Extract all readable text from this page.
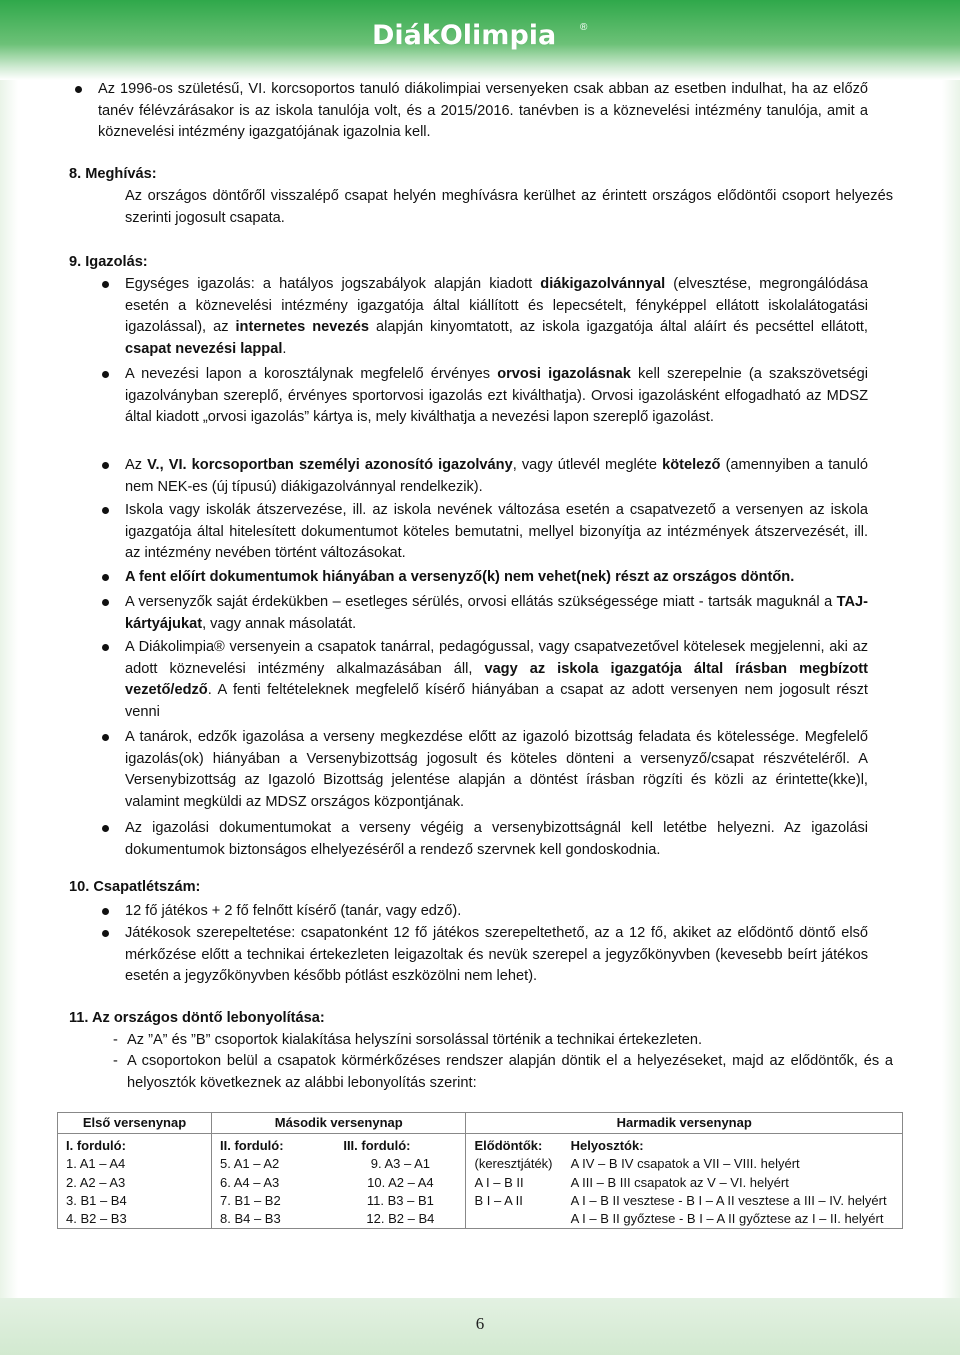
DiákOlimpia ®
Az 1996-os születésű, VI. korcsoportos tanuló diákolimpiai versenyeken csak abban az esetben indulhat, ha az előző tanév félévzárásakor is az iskola tanulója volt, és a 2015/2016. tanévben is a köznevelési intézmény tanulója, amit a köznevelési intézmény igazgatójának igazolnia kell.
8. Meghívás:
Az országos döntőről visszalépő csapat helyén meghívásra kerülhet az érintett országos elődöntői csoport helyezés szerinti jogosult csapata.
9. Igazolás:
Egységes igazolás: a hatályos jogszabályok alapján kiadott diákigazolvánnyal (elvesztése, megrongálódása esetén a köznevelési intézmény igazgatója által kiállított és lepecsételt, fényképpel ellátott iskolalátogatási igazolással), az internetes nevezés alapján kinyomtatott, az iskola igazgatója által aláírt és pecséttel ellátott, csapat nevezési lappal.
A nevezési lapon a korosztálynak megfelelő érvényes orvosi igazolásnak kell szerepelnie (a szakszövetségi igazolványban szereplő, érvényes sportorvosi igazolás ezt kiválthatja). Orvosi igazolásként elfogadható az MDSZ által kiadott „orvosi igazolás” kártya is, mely kiválthatja a nevezési lapon szereplő igazolást.
Az V., VI. korcsoportban személyi azonosító igazolvány, vagy útlevél megléte kötelező (amennyiben a tanuló nem NEK-es (új típusú) diákigazolvánnyal rendelkezik).
Iskola vagy iskolák átszervezése, ill. az iskola nevének változása esetén a csapatvezető a versenyen az iskola igazgatója által hitelesített dokumentumot köteles bemutatni, mellyel bizonyítja az intézmények átszervezését, ill. az intézmény nevében történt változásokat.
A fent előírt dokumentumok hiányában a versenyző(k) nem vehet(nek) részt az országos döntőn.
A versenyzők saját érdekükben – esetleges sérülés, orvosi ellátás szükségessége miatt - tartsák maguknál a TAJ-kártyájukat, vagy annak másolatát.
A Diákolimpia® versenyein a csapatok tanárral, pedagógussal, vagy csapatvezetővel kötelesek megjelenni, aki az adott köznevelési intézmény alkalmazásában áll, vagy az iskola igazgatója által írásban megbízott vezető/edző. A fenti feltételeknek megfelelő kísérő hiányában a csapat az adott versenyen nem jogosult részt venni
A tanárok, edzők igazolása a verseny megkezdése előtt az igazoló bizottság feladata és kötelessége. Megfelelő igazolás(ok) hiányában a Versenybizottság jogosult és köteles dönteni a versenyző/csapat részvételéről. A Versenybizottság az Igazoló Bizottság jelentése alapján a döntést írásban rögzíti és közli az érintette(kke)l, valamint megküldi az MDSZ országos központjának.
Az igazolási dokumentumokat a verseny végéig a versenybizottságnál kell letétbe helyezni. Az igazolási dokumentumok biztonságos elhelyezéséről a rendező szervnek kell gondoskodnia.
10. Csapatlétszám:
12 fő játékos + 2 fő felnőtt kísérő (tanár, vagy edző).
Játékosok szerepeltetése: csapatonként 12 fő játékos szerepeltethető, az a 12 fő, akiket az elődöntő döntő első mérkőzése előtt a technikai értekezleten leigazoltak és nevük szerepel a jegyzőkönyvben (kevesebb beírt játékos esetén a jegyzőkönyvben később pótlást eszközölni nem lehet).
11. Az országos döntő lebonyolítása:
- Az ”A” és ”B” csoportok kialakítása helyszíni sorsolással történik a technikai értekezleten.
- A csoportokon belül a csapatok körmérkőzéses rendszer alapján döntik el a helyezéseket, majd az elődöntők, és a helyosztók következnek az alábbi lebonyolítás szerint:
Első versenynap	Második versenynap		Harmadik versenynap	
I. forduló:	II. forduló:	III. forduló:	Elődöntők:	Helyosztók:
1. A1 – A4	5. A1 – A2	9. A3 – A1	(keresztjáték)	A IV – B IV csapatok a VII – VIII. helyért
2. A2 – A3	6. A4 – A3	10. A2 – A4	A I – B II	A III – B III csapatok az V – VI. helyért
3. B1 – B4	7. B1 – B2	11. B3 – B1	B I – A II	A I – B II vesztese - B I – A II vesztese a III – IV. helyért
4. B2 – B3	8. B4 – B3	12. B2 – B4		A I – B II győztese - B I – A II győztese az I – II. helyért
6
